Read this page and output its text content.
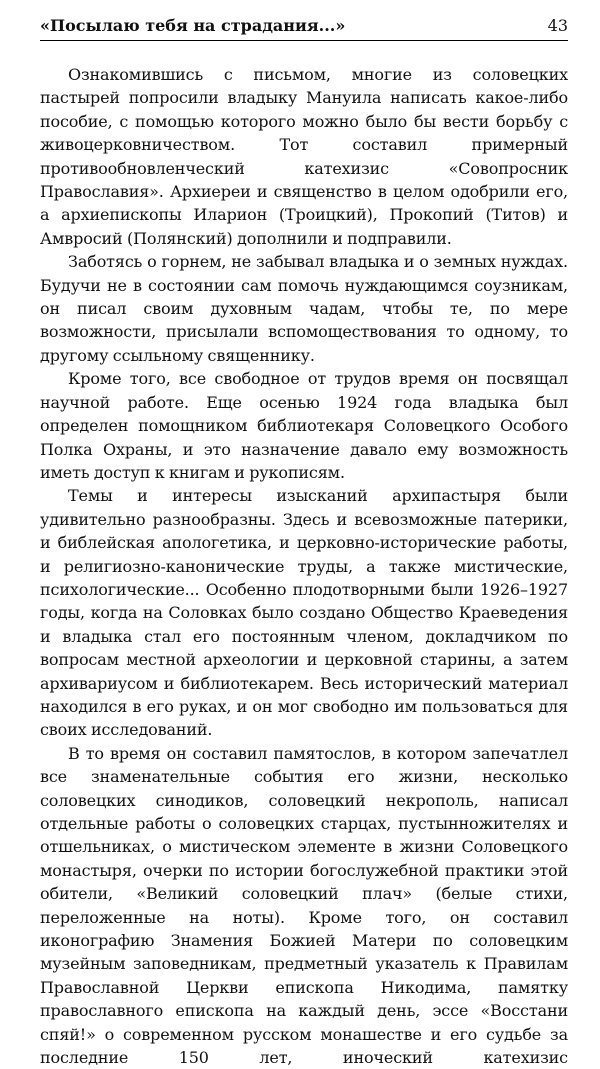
«Посылаю тебя на страдания...»	43

Ознакомившись с письмом, многие из соловецких пастырей попросили владыку Мануила написать какое-либо пособие, с помощью которого можно было бы вести борьбу с живоцерковничеством. Тот составил примерный противообновленческий катехизис «Совопросник Православия». Архиереи и священство в целом одобрили его, а архиепископы Иларион (Троицкий), Прокопий (Титов) и Амвросий (Полянский) дополнили и подправили.

Заботясь о горнем, не забывал владыка и о земных нуждах. Будучи не в состоянии сам помочь нуждающимся соузникам, он писал своим духовным чадам, чтобы те, по мере возможности, присылали вспомоществования то одному, то другому ссыльному священнику.

Кроме того, все свободное от трудов время он посвящал научной работе. Еще осенью 1924 года владыка был определен помощником библиотекаря Соловецкого Особого Полка Охраны, и это назначение давало ему возможность иметь доступ к книгам и рукописям.

Темы и интересы изысканий архипастыря были удивительно разнообразны. Здесь и всевозможные патерики, и библейская апологетика, и церковно-исторические работы, и религиозно-канонические труды, а также мистические, психологические... Особенно плодотворными были 1926–1927 годы, когда на Соловках было создано Общество Краеведения и владыка стал его постоянным членом, докладчиком по вопросам местной археологии и церковной старины, а затем архивариусом и библиотекарем. Весь исторический материал находился в его руках, и он мог свободно им пользоваться для своих исследований.

В то время он составил памятослов, в котором запечатлел все знаменательные события его жизни, несколько соловецких синодиков, соловецкий некрополь, написал отдельные работы о соловецких старцах, пустынножителях и отшельниках, о мистическом элементе в жизни Соловецкого монастыря, очерки по истории богослужебной практики этой обители, «Великий соловецкий плач» (белые стихи, переложенные на ноты). Кроме того, он составил иконографию Знамения Божией Матери по соловецким музейным заповедникам, предметный указатель к Правилам Православной Церкви епископа Никодима, памятку православного епископа на каждый день, эссе «Восстани спяй!» о современном русском монашестве и его судьбе за последние 150 лет, иноческий катехизис
